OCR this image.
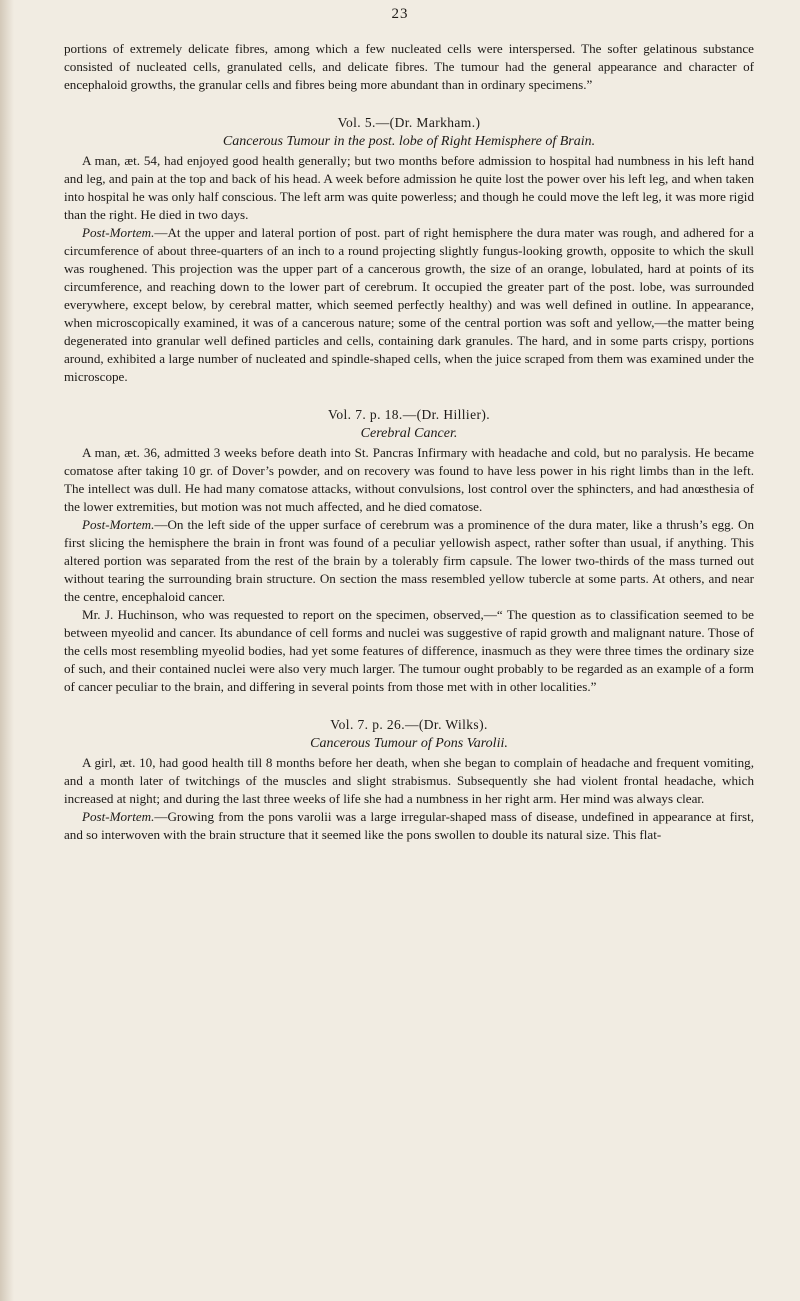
23

portions of extremely delicate fibres, among which a few nucleated cells were interspersed. The softer gelatinous substance consisted of nucleated cells, granulated cells, and delicate fibres. The tumour had the general appearance and character of encephaloid growths, the granular cells and fibres being more abundant than in ordinary specimens.”

Vol. 5.—(Dr. Markham.)
Cancerous Tumour in the post. lobe of Right Hemisphere of Brain.

A man, æt. 54, had enjoyed good health generally; but two months before admission to hospital had numbness in his left hand and leg, and pain at the top and back of his head. A week before admission he quite lost the power over his left leg, and when taken into hospital he was only half conscious. The left arm was quite powerless; and though he could move the left leg, it was more rigid than the right. He died in two days.

Post-Mortem.—At the upper and lateral portion of post. part of right hemisphere the dura mater was rough, and adhered for a circumference of about three-quarters of an inch to a round projecting slightly fungus-looking growth, opposite to which the skull was roughened. This projection was the upper part of a cancerous growth, the size of an orange, lobulated, hard at points of its circumference, and reaching down to the lower part of cerebrum. It occupied the greater part of the post. lobe, was surrounded everywhere, except below, by cerebral matter, which seemed perfectly healthy) and was well defined in outline. In appearance, when microscopically examined, it was of a cancerous nature; some of the central portion was soft and yellow,—the matter being degenerated into granular well defined particles and cells, containing dark granules. The hard, and in some parts crispy, portions around, exhibited a large number of nucleated and spindle-shaped cells, when the juice scraped from them was examined under the microscope.

Vol. 7. p. 18.—(Dr. Hillier).
Cerebral Cancer.

A man, æt. 36, admitted 3 weeks before death into St. Pancras Infirmary with headache and cold, but no paralysis. He became comatose after taking 10 gr. of Dover’s powder, and on recovery was found to have less power in his right limbs than in the left. The intellect was dull. He had many comatose attacks, without convulsions, lost control over the sphincters, and had anœsthesia of the lower extremities, but motion was not much affected, and he died comatose.

Post-Mortem.—On the left side of the upper surface of cerebrum was a prominence of the dura mater, like a thrush’s egg. On first slicing the hemisphere the brain in front was found of a peculiar yellowish aspect, rather softer than usual, if anything. This altered portion was separated from the rest of the brain by a tolerably firm capsule. The lower two-thirds of the mass turned out without tearing the surrounding brain structure. On section the mass resembled yellow tubercle at some parts. At others, and near the centre, encephaloid cancer.

Mr. J. Huchinson, who was requested to report on the specimen, observed,—“ The question as to classification seemed to be between myeolid and cancer. Its abundance of cell forms and nuclei was suggestive of rapid growth and malignant nature. Those of the cells most resembling myeolid bodies, had yet some features of difference, inasmuch as they were three times the ordinary size of such, and their contained nuclei were also very much larger. The tumour ought probably to be regarded as an example of a form of cancer peculiar to the brain, and differing in several points from those met with in other localities.”

Vol. 7. p. 26.—(Dr. Wilks).
Cancerous Tumour of Pons Varolii.

A girl, æt. 10, had good health till 8 months before her death, when she began to complain of headache and frequent vomiting, and a month later of twitchings of the muscles and slight strabismus. Subsequently she had violent frontal headache, which increased at night; and during the last three weeks of life she had a numbness in her right arm. Her mind was always clear.

Post-Mortem.—Growing from the pons varolii was a large irregular-shaped mass of disease, undefined in appearance at first, and so interwoven with the brain structure that it seemed like the pons swollen to double its natural size. This flat-
